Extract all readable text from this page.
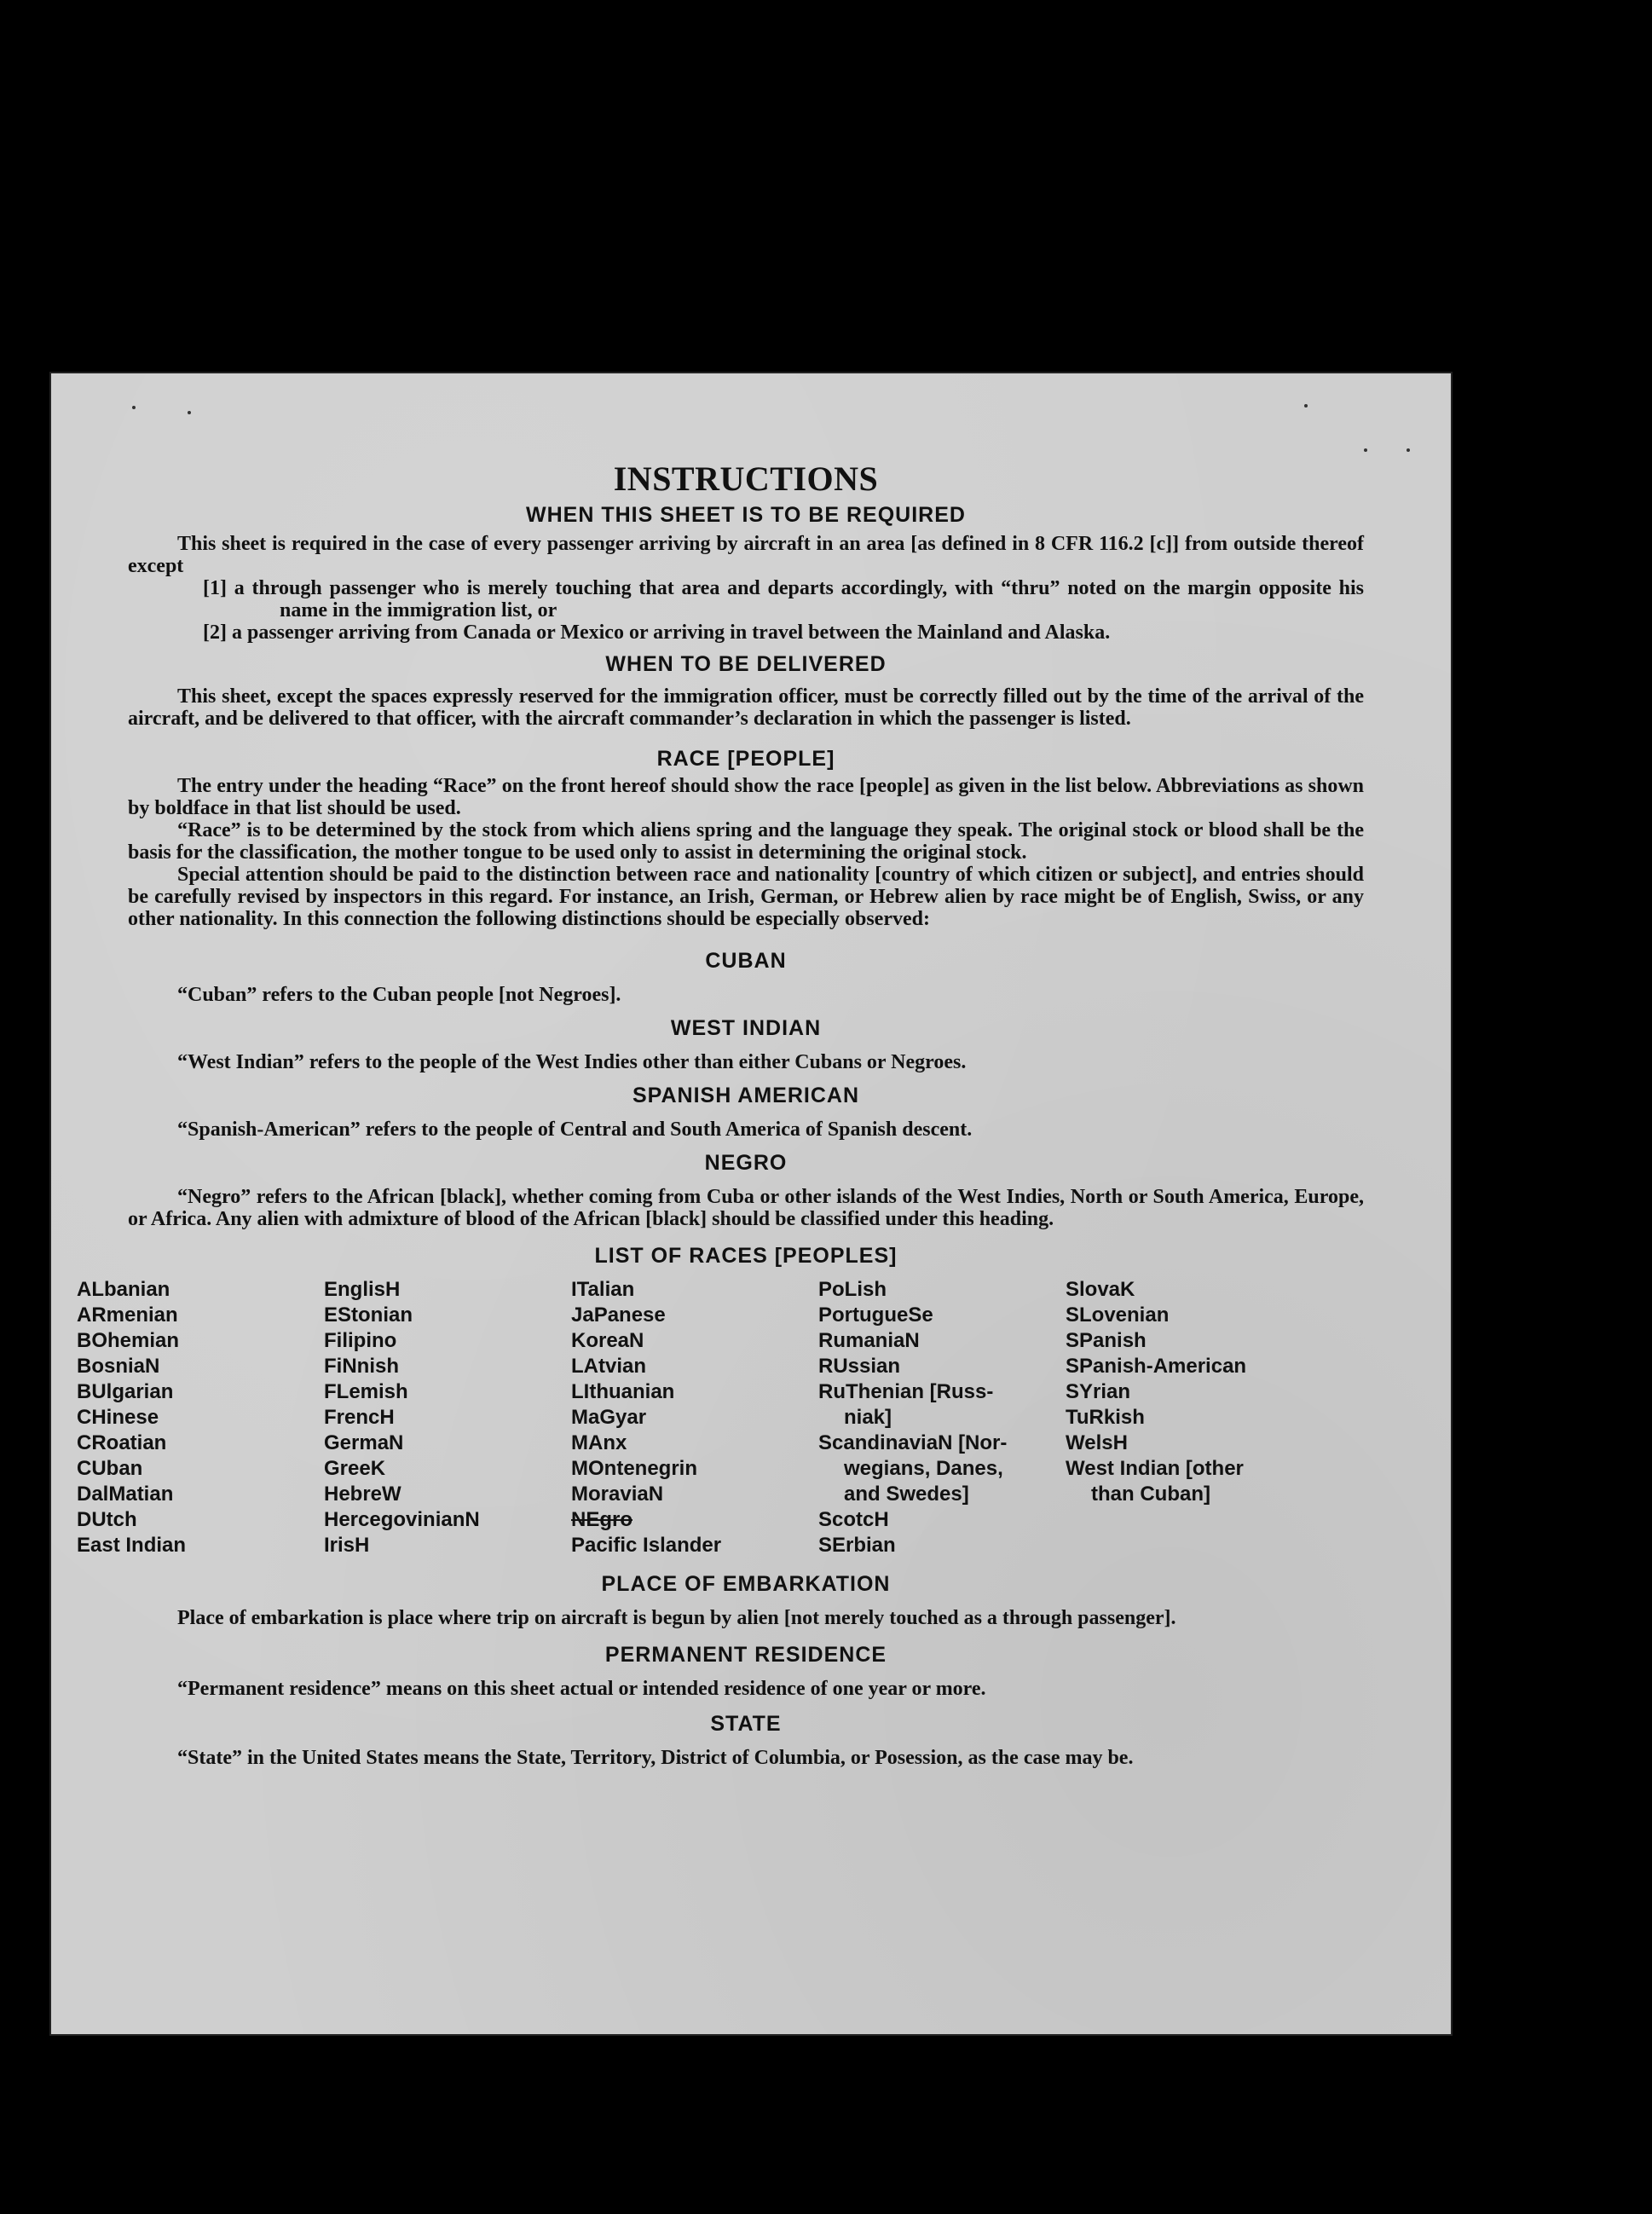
INSTRUCTIONS
WHEN THIS SHEET IS TO BE REQUIRED

This sheet is required in the case of every passenger arriving by aircraft in an area [as defined in 8 CFR 116.2 [c]] from outside thereof except

[1] a through passenger who is merely touching that area and departs accordingly, with “thru” noted on the margin opposite his name in the immigration list, or
[2] a passenger arriving from Canada or Mexico or arriving in travel between the Mainland and Alaska.
WHEN TO BE DELIVERED

This sheet, except the spaces expressly reserved for the immigration officer, must be correctly filled out by the time of the arrival of the aircraft, and be delivered to that officer, with the aircraft commander’s declaration in which the passenger is listed.

RACE [PEOPLE]

The entry under the heading “Race” on the front hereof should show the race [people] as given in the list below. Abbreviations as shown by boldface in that list should be used.

“Race” is to be determined by the stock from which aliens spring and the language they speak. The original stock or blood shall be the basis for the classification, the mother tongue to be used only to assist in determining the original stock.

Special attention should be paid to the distinction between race and nationality [country of which citizen or subject], and entries should be carefully revised by inspectors in this regard. For instance, an Irish, German, or Hebrew alien by race might be of English, Swiss, or any other nationality. In this connection the following distinctions should be especially observed:

CUBAN

“Cuban” refers to the Cuban people [not Negroes].

WEST INDIAN

“West Indian” refers to the people of the West Indies other than either Cubans or Negroes.

SPANISH AMERICAN

“Spanish-American” refers to the people of Central and South America of Spanish descent.

NEGRO

“Negro” refers to the African [black], whether coming from Cuba or other islands of the West Indies, North or South America, Europe, or Africa. Any alien with admixture of blood of the African [black] should be classified under this heading.

LIST OF RACES [PEOPLES]
ALbanian
ARmenian
BOhemian
BosniaN
BUlgarian
CHinese
CRoatian
CUban
DalMatian
DUtch
East Indian
EnglisH
EStonian
Filipino
FiNnish
FLemish
FrencH
GermaN
GreeK
HebreW
HercegovinianN
IrisH
ITalian
JaPanese
KoreaN
LAtvian
LIthuanian
MaGyar
MAnx
MOntenegrin
MoraviaN
NEgro
Pacific Islander
PoLish
PortugueSe
RumaniaN
RUssian
RuThenian [Russ-
niak]
ScandinaviaN [Nor-
wegians, Danes,
and Swedes]
ScotcH
SErbian
SlovaK
SLovenian
SPanish
SPanish-American
SYrian
TuRkish
WelsH
West Indian [other
than Cuban]
PLACE OF EMBARKATION

Place of embarkation is place where trip on aircraft is begun by alien [not merely touched as a through passenger].

PERMANENT RESIDENCE

“Permanent residence” means on this sheet actual or intended residence of one year or more.

STATE

“State” in the United States means the State, Territory, District of Columbia, or Posession, as the case may be.
